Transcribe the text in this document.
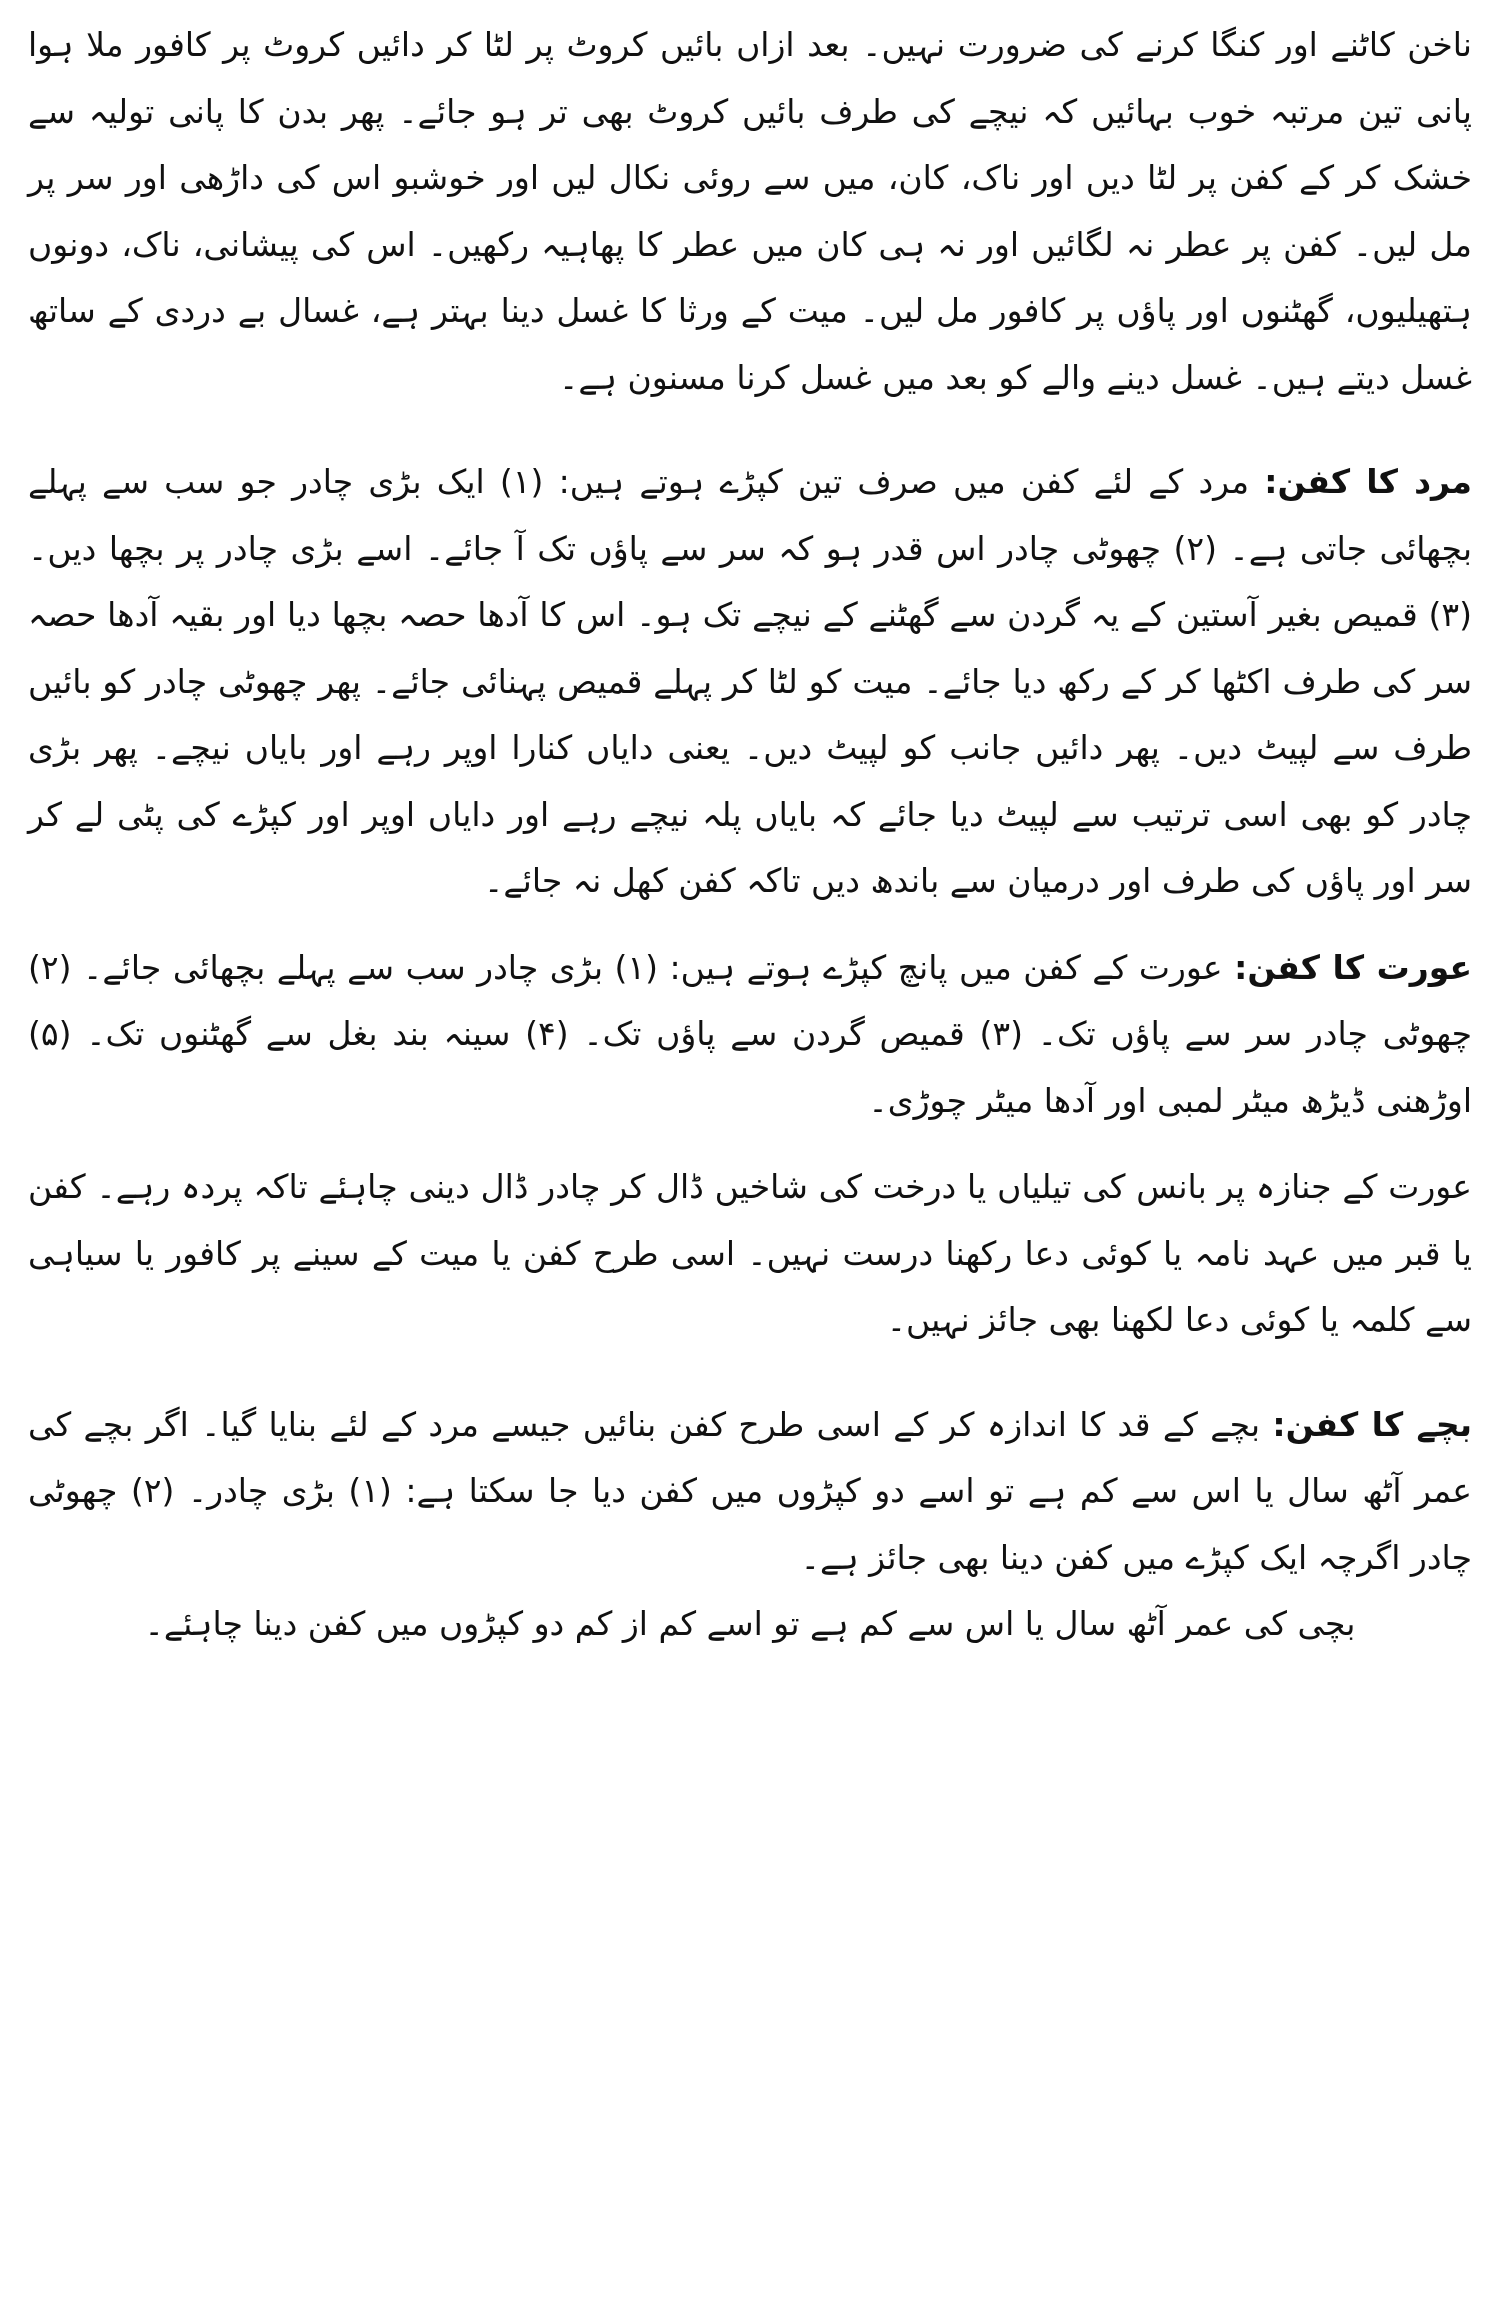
ناخن کاٹنے اور کنگا کرنے کی ضرورت نہیں۔ بعد ازاں بائیں کروٹ پر لٹا کر دائیں کروٹ پر کافور ملا ہوا پانی تین مرتبہ خوب بہائیں کہ نیچے کی طرف بائیں کروٹ بھی تر ہو جائے۔ پھر بدن کا پانی تولیہ سے خشک کر کے کفن پر لٹا دیں اور ناک، کان، میں سے روئی نکال لیں اور خوشبو اس کی داڑھی اور سر پر مل لیں۔ کفن پر عطر نہ لگائیں اور نہ ہی کان میں عطر کا پھاہیہ رکھیں۔ اس کی پیشانی، ناک، دونوں ہتھیلیوں، گھٹنوں اور پاؤں پر کافور مل لیں۔ میت کے ورثا کا غسل دینا بہتر ہے، غسال بے دردی کے ساتھ غسل دیتے ہیں۔ غسل دینے والے کو بعد میں غسل کرنا مسنون ہے۔

مرد کا کفن: مرد کے لئے کفن میں صرف تین کپڑے ہوتے ہیں: (۱) ایک بڑی چادر جو سب سے پہلے بچھائی جاتی ہے۔ (۲) چھوٹی چادر اس قدر ہو کہ سر سے پاؤں تک آ جائے۔ اسے بڑی چادر پر بچھا دیں۔ (۳) قمیص بغیر آستین کے یہ گردن سے گھٹنے کے نیچے تک ہو۔ اس کا آدھا حصہ بچھا دیا اور بقیہ آدھا حصہ سر کی طرف اکٹھا کر کے رکھ دیا جائے۔ میت کو لٹا کر پہلے قمیص پہنائی جائے۔ پھر چھوٹی چادر کو بائیں طرف سے لپیٹ دیں۔ پھر دائیں جانب کو لپیٹ دیں۔ یعنی دایاں کنارا اوپر رہے اور بایاں نیچے۔ پھر بڑی چادر کو بھی اسی ترتیب سے لپیٹ دیا جائے کہ بایاں پلہ نیچے رہے اور دایاں اوپر اور کپڑے کی پٹی لے کر سر اور پاؤں کی طرف اور درمیان سے باندھ دیں تاکہ کفن کھل نہ جائے۔

عورت کا کفن: عورت کے کفن میں پانچ کپڑے ہوتے ہیں: (۱) بڑی چادر سب سے پہلے بچھائی جائے۔ (۲) چھوٹی چادر سر سے پاؤں تک۔ (۳) قمیص گردن سے پاؤں تک۔ (۴) سینہ بند بغل سے گھٹنوں تک۔ (۵) اوڑھنی ڈیڑھ میٹر لمبی اور آدھا میٹر چوڑی۔

عورت کے جنازہ پر بانس کی تیلیاں یا درخت کی شاخیں ڈال کر چادر ڈال دینی چاہئے تاکہ پردہ رہے۔ کفن یا قبر میں عہد نامہ یا کوئی دعا رکھنا درست نہیں۔ اسی طرح کفن یا میت کے سینے پر کافور یا سیاہی سے کلمہ یا کوئی دعا لکھنا بھی جائز نہیں۔

بچے کا کفن: بچے کے قد کا اندازہ کر کے اسی طرح کفن بنائیں جیسے مرد کے لئے بنایا گیا۔ اگر بچے کی عمر آٹھ سال یا اس سے کم ہے تو اسے دو کپڑوں میں کفن دیا جا سکتا ہے: (۱) بڑی چادر۔ (۲) چھوٹی چادر اگرچہ ایک کپڑے میں کفن دینا بھی جائز ہے۔

بچی کی عمر آٹھ سال یا اس سے کم ہے تو اسے کم از کم دو کپڑوں میں کفن دینا چاہئے۔
